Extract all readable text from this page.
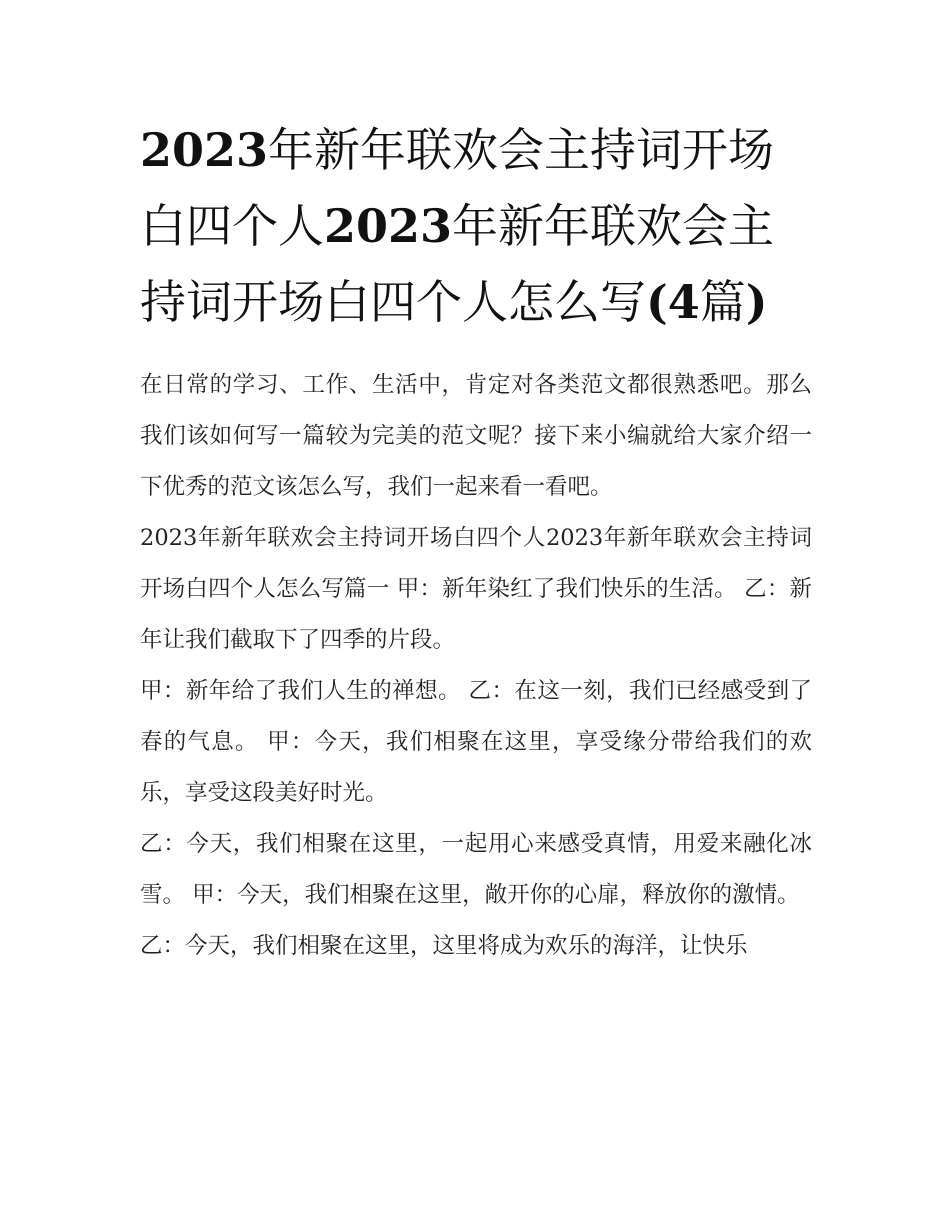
2023年新年联欢会主持词开场白四个人2023年新年联欢会主持词开场白四个人怎么写(4篇)

在日常的学习、工作、生活中，肯定对各类范文都很熟悉吧。那么我们该如何写一篇较为完美的范文呢？接下来小编就给大家介绍一下优秀的范文该怎么写，我们一起来看一看吧。

2023年新年联欢会主持词开场白四个人2023年新年联欢会主持词开场白四个人怎么写篇一 甲：新年染红了我们快乐的生活。 乙：新年让我们截取下了四季的片段。

甲：新年给了我们人生的禅想。 乙：在这一刻，我们已经感受到了春的气息。 甲：今天，我们相聚在这里，享受缘分带给我们的欢乐，享受这段美好时光。

乙：今天，我们相聚在这里，一起用心来感受真情，用爱来融化冰雪。 甲：今天，我们相聚在这里，敞开你的心扉，释放你的激情。

乙：今天，我们相聚在这里，这里将成为欢乐的海洋，让快乐
